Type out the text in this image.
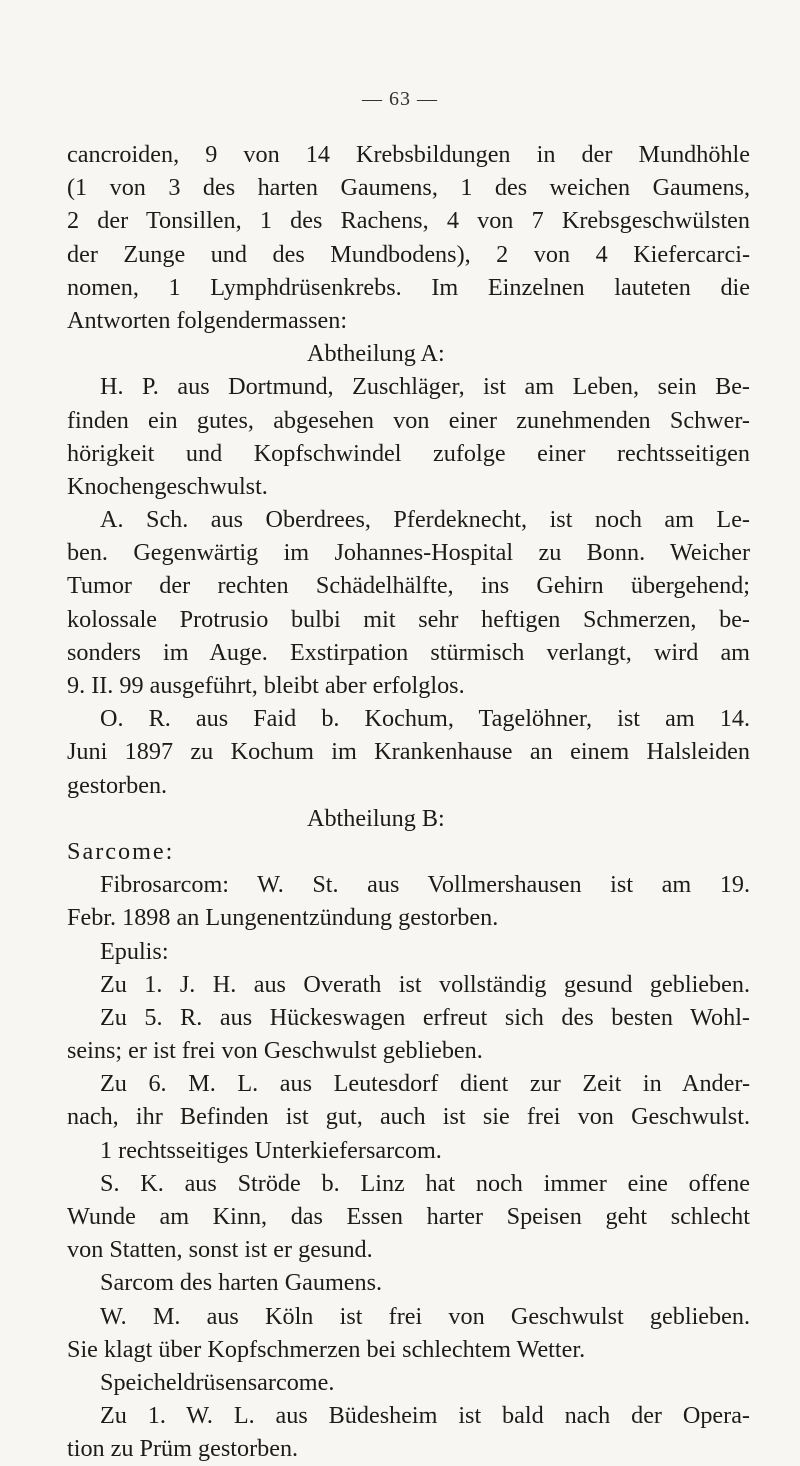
— 63 —
cancroiden, 9 von 14 Krebsbildungen in der Mundhöhle
(1 von 3 des harten Gaumens, 1 des weichen Gaumens,
2 der Tonsillen, 1 des Rachens, 4 von 7 Krebsgeschwülsten
der Zunge und des Mundbodens), 2 von 4 Kiefercarci-
nomen, 1 Lymphdrüsenkrebs. Im Einzelnen lauteten die
Antworten folgendermassen:
Abtheilung A:
H. P. aus Dortmund, Zuschläger, ist am Leben, sein Be-
finden ein gutes, abgesehen von einer zunehmenden Schwer-
hörigkeit und Kopfschwindel zufolge einer rechtsseitigen
Knochengeschwulst.
A. Sch. aus Oberdrees, Pferdeknecht, ist noch am Le-
ben. Gegenwärtig im Johannes-Hospital zu Bonn. Weicher
Tumor der rechten Schädelhälfte, ins Gehirn übergehend;
kolossale Protrusio bulbi mit sehr heftigen Schmerzen, be-
sonders im Auge. Exstirpation stürmisch verlangt, wird am
9. II. 99 ausgeführt, bleibt aber erfolglos.
O. R. aus Faid b. Kochum, Tagelöhner, ist am 14.
Juni 1897 zu Kochum im Krankenhause an einem Halsleiden
gestorben.
Abtheilung B:
Sarcome:
Fibrosarcom: W. St. aus Vollmershausen ist am 19.
Febr. 1898 an Lungenentzündung gestorben.
Epulis:
Zu 1. J. H. aus Overath ist vollständig gesund geblieben.
Zu 5. R. aus Hückeswagen erfreut sich des besten Wohl-
seins; er ist frei von Geschwulst geblieben.
Zu 6. M. L. aus Leutesdorf dient zur Zeit in Ander-
nach, ihr Befinden ist gut, auch ist sie frei von Geschwulst.
1 rechtsseitiges Unterkiefersarcom.
S. K. aus Ströde b. Linz hat noch immer eine offene
Wunde am Kinn, das Essen harter Speisen geht schlecht
von Statten, sonst ist er gesund.
Sarcom des harten Gaumens.
W. M. aus Köln ist frei von Geschwulst geblieben.
Sie klagt über Kopfschmerzen bei schlechtem Wetter.
Speicheldrüsensarcome.
Zu 1. W. L. aus Büdesheim ist bald nach der Opera-
tion zu Prüm gestorben.
